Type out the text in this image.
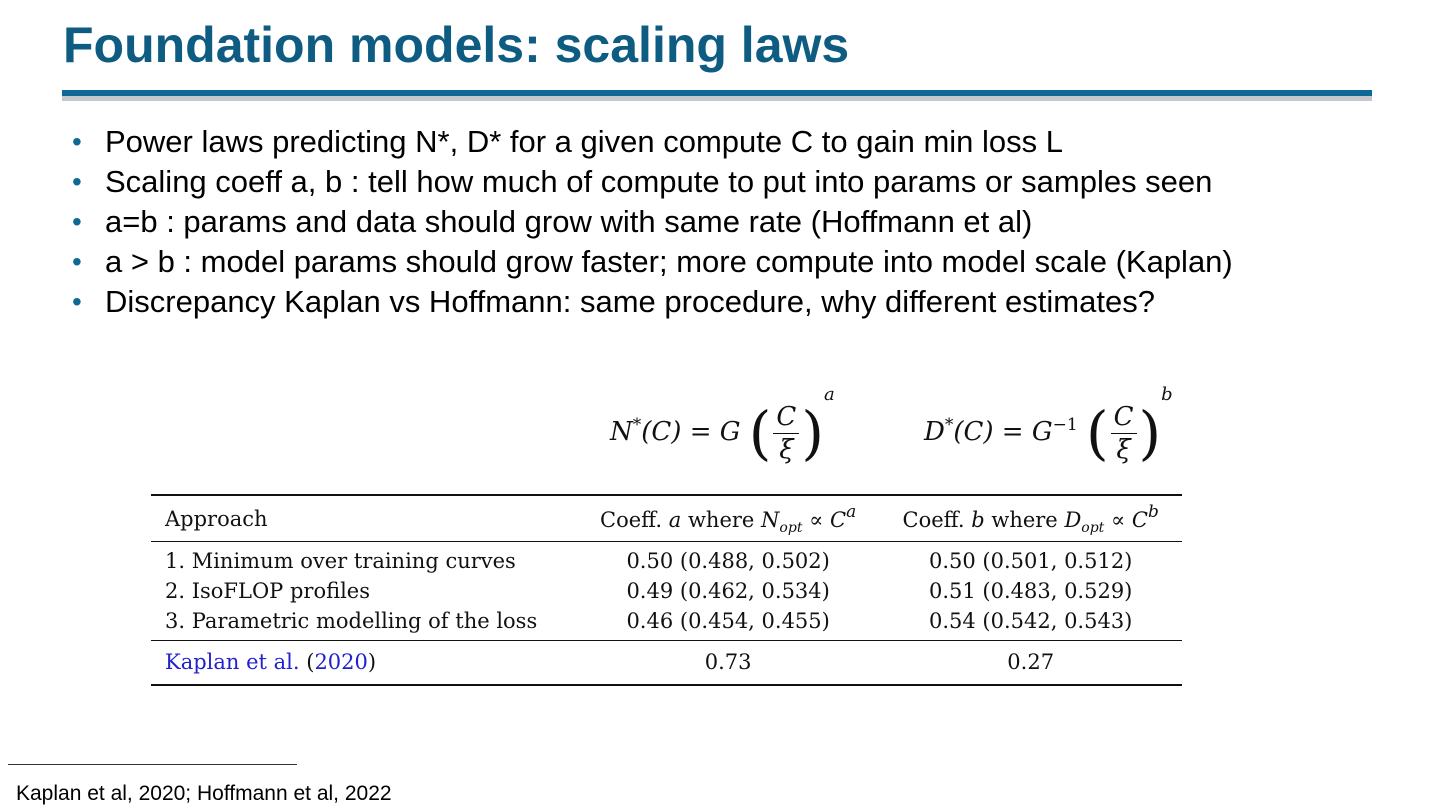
Foundation models: scaling laws
• Power laws predicting N*, D* for a given compute C to gain min loss L
• Scaling coeff a, b : tell how much of compute to put into params or samples seen
• a=b : params and data should grow with same rate (Hoffmann et al)
• a > b : model params should grow faster; more compute into model scale (Kaplan)
• Discrepancy Kaplan vs Hoffmann: same procedure, why different estimates?
N*(C) = G ( $\frac{C}{\xi} )^a$
$D^*(C) = G^{-1}$ ( $\frac{C}{\xi} )^b$
Approach	Coeff. a where $N_{opt} \propto C^a$	Coeff. b where $D_{opt} \propto C^b$
1. Minimum over training curves	0.50 (0.488, 0.502)	0.50 (0.501, 0.512)
2. IsoFLOP profiles	0.49 (0.462, 0.534)	0.51 (0.483, 0.529)
3. Parametric modelling of the loss	0.46 (0.454, 0.455)	0.54 (0.542, 0.543)
Kaplan et al. (2020)	0.73	0.27
Kaplan et al, 2020; Hoffmann et al, 2022
